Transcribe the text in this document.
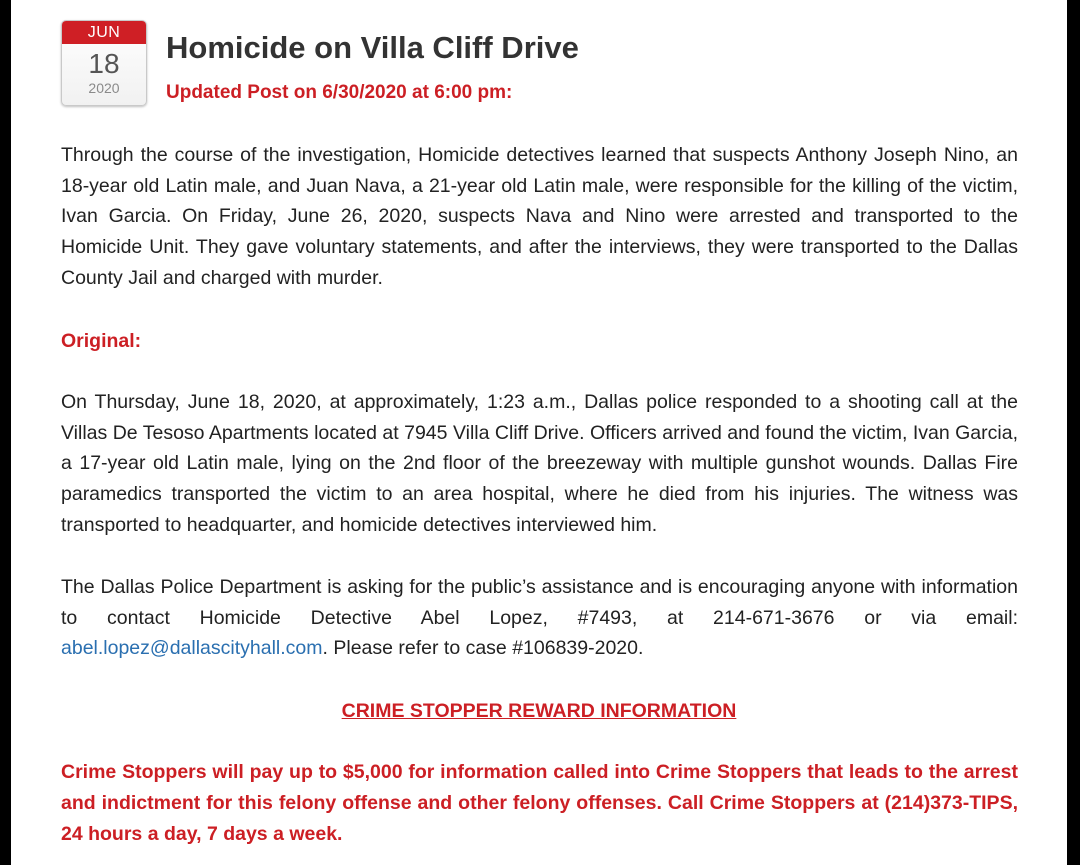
JUN
18
2020
Homicide on Villa Cliff Drive

Updated Post on 6/30/2020 at 6:00 pm:

Through the course of the investigation, Homicide detectives learned that suspects Anthony Joseph Nino, an 18-year old Latin male, and Juan Nava, a 21-year old Latin male, were responsible for the killing of the victim, Ivan Garcia. On Friday, June 26, 2020, suspects Nava and Nino were arrested and transported to the Homicide Unit. They gave voluntary statements, and after the interviews, they were transported to the Dallas County Jail and charged with murder.

Original:

On Thursday, June 18, 2020, at approximately, 1:23 a.m., Dallas police responded to a shooting call at the Villas De Tesoso Apartments located at 7945 Villa Cliff Drive. Officers arrived and found the victim, Ivan Garcia, a 17-year old Latin male, lying on the 2nd floor of the breezeway with multiple gunshot wounds. Dallas Fire paramedics transported the victim to an area hospital, where he died from his injuries. The witness was transported to headquarter, and homicide detectives interviewed him.

The Dallas Police Department is asking for the public’s assistance and is encouraging anyone with information to contact Homicide Detective Abel Lopez, #7493, at 214-671-3676 or via email: abel.lopez@dallascityhall.com. Please refer to case #106839-2020.

CRIME STOPPER REWARD INFORMATION

Crime Stoppers will pay up to $5,000 for information called into Crime Stoppers that leads to the arrest and indictment for this felony offense and other felony offenses. Call Crime Stoppers at (214)373-TIPS, 24 hours a day, 7 days a week.
